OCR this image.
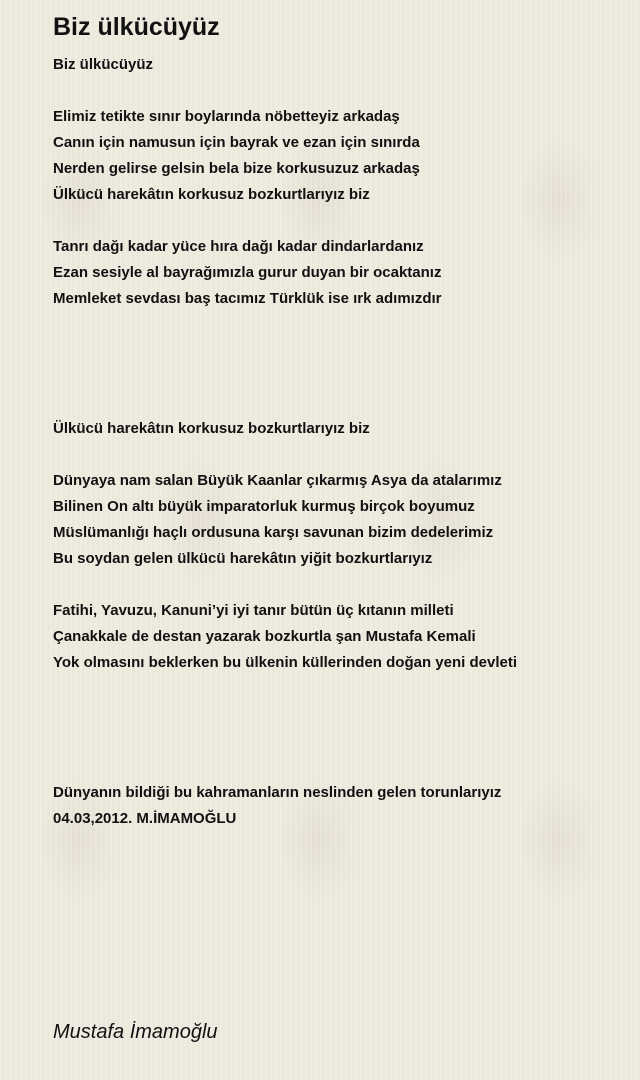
Biz ülkücüyüz
Biz ülkücüyüz
Elimiz tetikte sınır boylarında nöbetteyiz arkadaş
Canın için namusun için bayrak ve ezan için sınırda
Nerden gelirse gelsin bela bize korkusuzuz arkadaş
Ülkücü harekâtın korkusuz bozkurtlarıyız biz
Tanrı dağı kadar yüce hıra dağı kadar dindarlardanız
Ezan sesiyle al bayrağımızla gurur duyan bir ocaktanız
Memleket sevdası baş tacımız Türklük ise ırk adımızdır
Ülkücü harekâtın korkusuz bozkurtlarıyız biz
Dünyaya nam salan Büyük Kaanlar çıkarmış Asya da atalarımız
Bilinen On altı büyük imparatorluk kurmuş birçok boyumuz
Müslümanlığı haçlı ordusuna karşı savunan bizim dedelerimiz
Bu soydan gelen ülkücü harekâtın yiğit bozkurtlarıyız
Fatihi, Yavuzu, Kanuni’yi iyi tanır bütün üç kıtanın milleti
Çanakkale de destan yazarak bozkurtla şan Mustafa Kemali
Yok olmasını beklerken bu ülkenin küllerinden doğan yeni devleti
Dünyanın bildiği bu kahramanların neslinden gelen torunlarıyız
04.03,2012. M.İMAMOĞLU
Mustafa İmamoğlu
